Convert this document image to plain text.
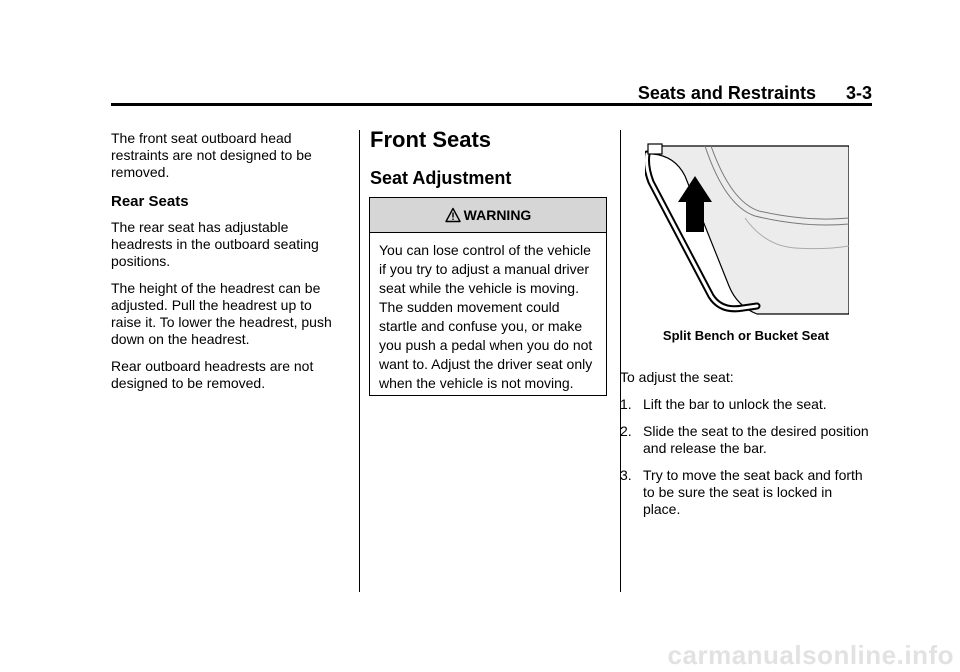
Seats and Restraints 3-3

The front seat outboard head restraints are not designed to be removed.

Rear Seats

The rear seat has adjustable headrests in the outboard seating positions.

The height of the headrest can be adjusted. Pull the headrest up to raise it. To lower the headrest, push down on the headrest.

Rear outboard headrests are not designed to be removed.

Front Seats
Seat Adjustment
WARNING
You can lose control of the vehicle if you try to adjust a manual driver seat while the vehicle is moving. The sudden movement could startle and confuse you, or make you push a pedal when you do not want to. Adjust the driver seat only when the vehicle is not moving.
Split Bench or Bucket Seat

To adjust the seat:

1. Lift the bar to unlock the seat.
2. Slide the seat to the desired position and release the bar.
3. Try to move the seat back and forth to be sure the seat is locked in place.
carmanualsonline.info
